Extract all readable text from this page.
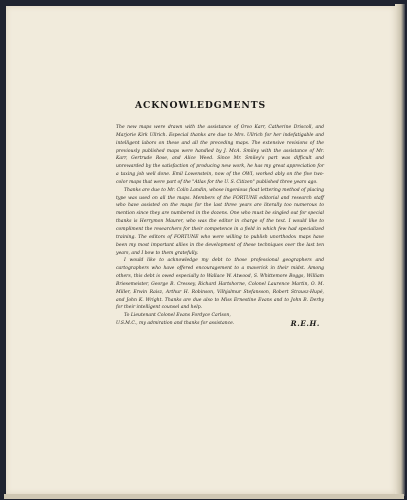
ACKNOWLEDGMENTS

The new maps were drawn with the assistance of Orvo Karr, Catherine Driscoll, and Marjorie Kirk Ullrich. Especial thanks are due to Mrs. Ullrich for her indefatigable and intelligent labors on these and all the preceding maps. The extensive revisions of the previously published maps were handled by J. McA. Smiley with the assistance of Mr. Karr, Gertrude Rose, and Alice Weed. Since Mr. Smiley's part was difficult and unrewarded by the satisfaction of producing new work, he has my great appreciation for a taxing job well done. Emil Lowenstein, now of the OWI, worked ably on the five two-color maps that were part of the "Atlas for the U. S. Citizen" published three years ago.

Thanks are due to Mr. Colin Landin, whose ingenious float lettering method of placing type was used on all the maps. Members of the FORTUNE editorial and research staff who have assisted on the maps for the last three years are literally too numerous to mention since they are numbered in the dozens. One who must be singled out for special thanks is Herrymon Maurer, who was the editor in charge of the text. I would like to compliment the researchers for their competence in a field in which few had specialized training. The editors of FORTUNE who were willing to publish unorthodox maps have been my most important allies in the development of these techniques over the last ten years, and I bow to them gratefully.

I would like to acknowledge my debt to those professional geographers and cartographers who have offered encouragement to a maverick in their midst. Among others, this debt is owed especially to Wallace W. Atwood, S. Whittemore Boggs, William Briesemeister, George B. Cressey, Richard Hartshorne, Colonel Laurence Martin, O. M. Miller, Erwin Raisz, Arthur H. Robinson, Vilhjalmur Stefansson, Robert Strausz-Hupé, and John K. Wright. Thanks are due also to Miss Ernestine Evans and to John B. Derby for their intelligent counsel and help.

To Lieutenant Colonel Evans Fordyce Carlson, U.S.M.C., my admiration and thanks for assistance.	R.E.H.
